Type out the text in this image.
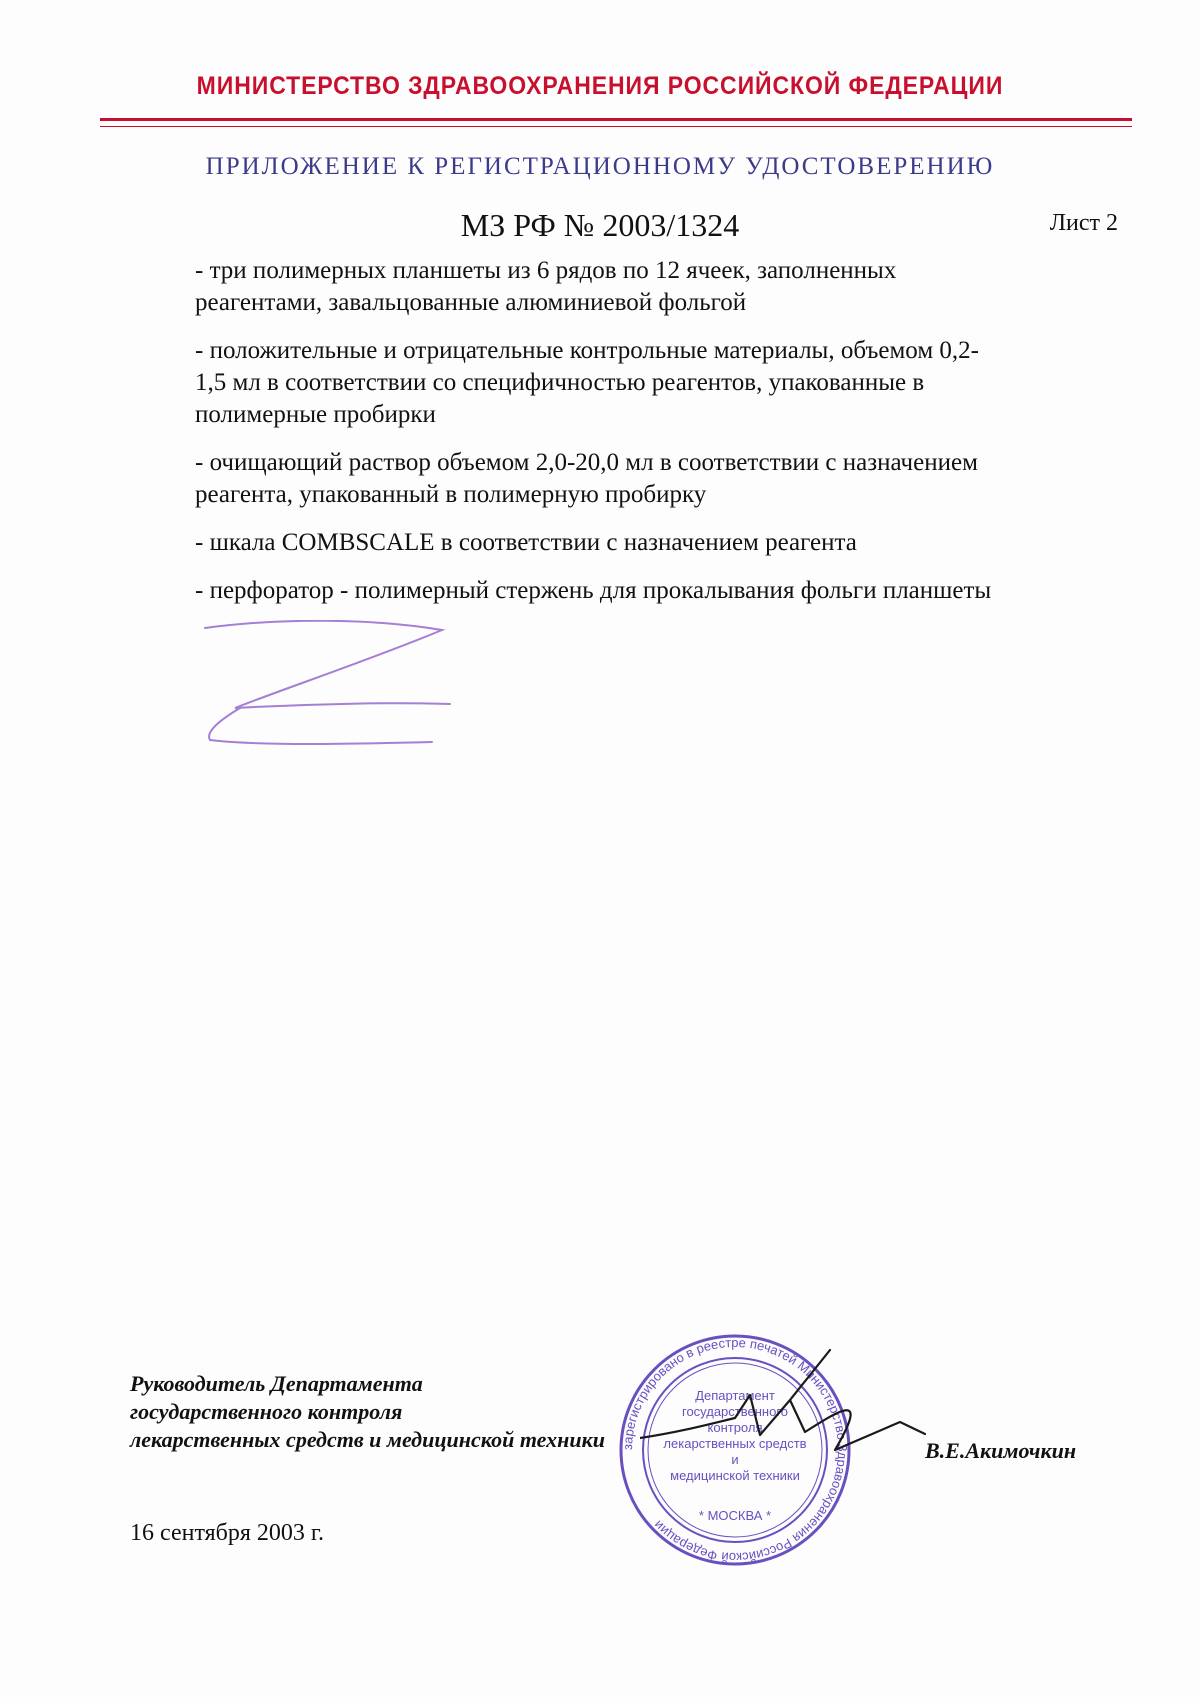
МИНИСТЕРСТВО ЗДРАВООХРАНЕНИЯ РОССИЙСКОЙ ФЕДЕРАЦИИ
ПРИЛОЖЕНИЕ К РЕГИСТРАЦИОННОМУ УДОСТОВЕРЕНИЮ
МЗ РФ № 2003/1324	Лист 2
- три полимерных планшеты из 6 рядов по 12 ячеек, заполненных
реагентами, завальцованные алюминиевой фольгой
- положительные и отрицательные контрольные материалы, объемом 0,2-
1,5 мл в соответствии со специфичностью реагентов, упакованные в
полимерные пробирки
- очищающий раствор объемом 2,0-20,0 мл в соответствии с назначением
реагента, упакованный в полимерную пробирку
- шкала COMBSCALE в соответствии с назначением реагента
- перфоратор - полимерный стержень для прокалывания фольги планшеты
зарегистрировано в реестре печатей Министерство Здравоохранения Российской Федерации
Департамент
государственного
контроля
лекарственных средств
и
медицинской техники
* МОСКВА *
Руководитель Департамента
государственного контроля
лекарственных средств и медицинской техники	В.Е.Акимочкин
16 сентября 2003 г.
